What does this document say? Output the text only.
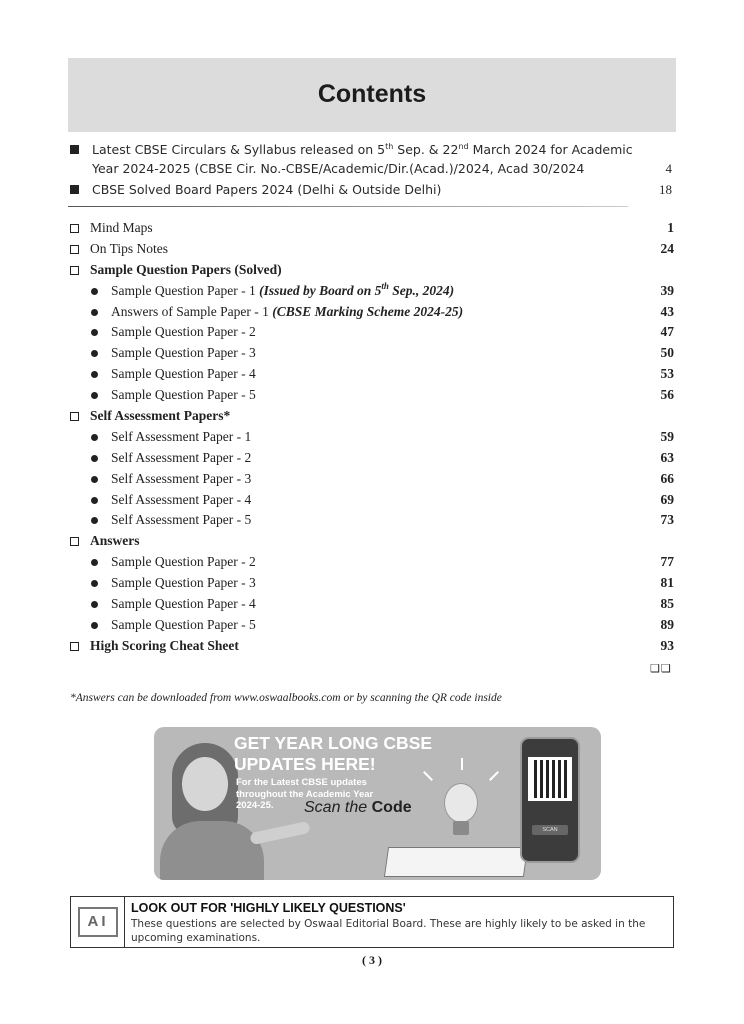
Contents
Latest CBSE Circulars & Syllabus released on 5th Sep. & 22nd March 2024 for Academic Year 2024-2025 (CBSE Cir. No.-CBSE/Academic/Dir.(Acad.)/2024, Acad 30/2024	4
CBSE Solved Board Papers 2024 (Delhi & Outside Delhi)	18
Mind Maps	1
On Tips Notes	24
Sample Question Papers (Solved)
Sample Question Paper - 1 (Issued by Board on 5th Sep., 2024)	39
Answers of Sample Paper - 1 (CBSE Marking Scheme 2024-25)	43
Sample Question Paper - 2	47
Sample Question Paper - 3	50
Sample Question Paper - 4	53
Sample Question Paper - 5	56
Self Assessment Papers*
Self Assessment Paper - 1	59
Self Assessment Paper - 2	63
Self Assessment Paper - 3	66
Self Assessment Paper - 4	69
Self Assessment Paper - 5	73
Answers
Sample Question Paper - 2	77
Sample Question Paper - 3	81
Sample Question Paper - 4	85
Sample Question Paper - 5	89
High Scoring Cheat Sheet	93
❑❑
*Answers can be downloaded from www.oswaalbooks.com or by scanning the QR code inside
GET YEAR LONG CBSE UPDATES HERE!
For the Latest CBSE updates throughout the Academic Year 2024-25.	Scan the Code
SCAN
AI
LOOK OUT FOR 'HIGHLY LIKELY QUESTIONS'
These questions are selected by Oswaal Editorial Board. These are highly likely to be asked in the upcoming examinations.
( 3 )
